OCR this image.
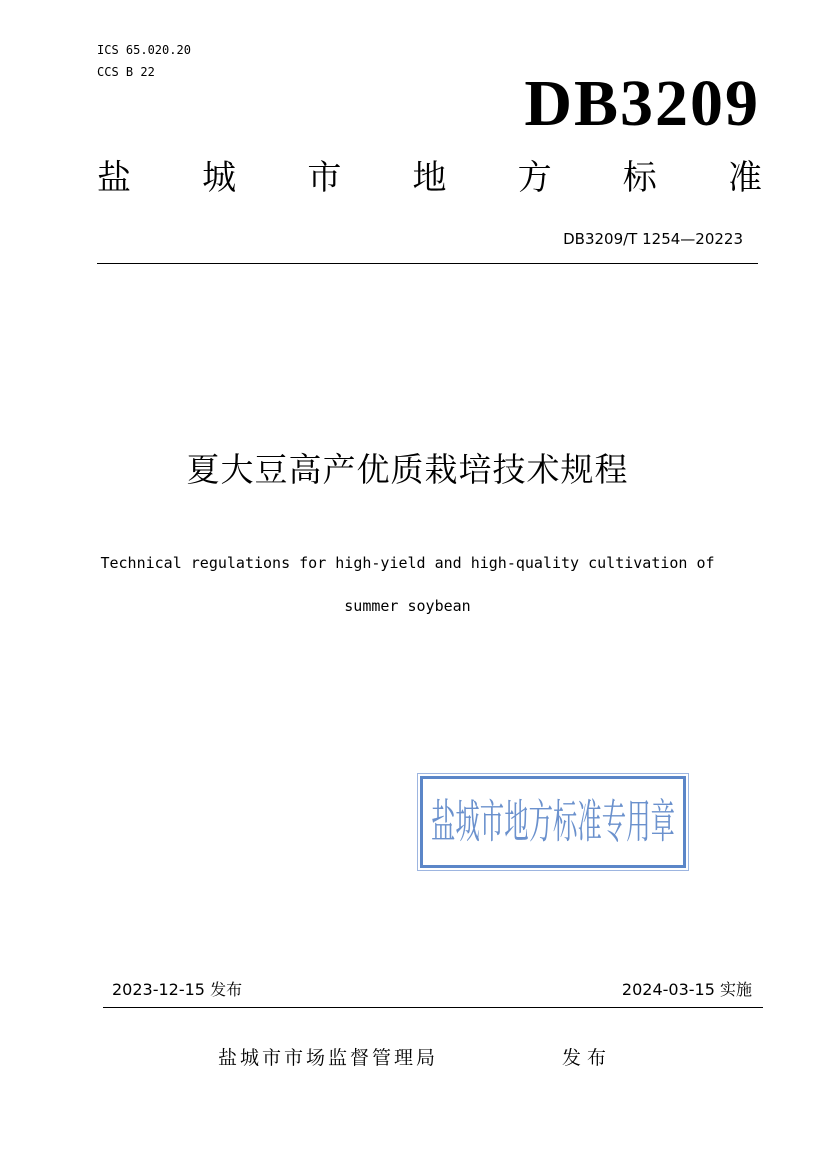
ICS 65.020.20
CCS B 22	DB3209
盐 城 市 地 方 标 准
DB3209/T 1254—20223
夏大豆高产优质栽培技术规程
Technical regulations for high-yield and high-quality cultivation of
summer soybean
盐城市地方标准专用章
2023-12-15 发布	2024-03-15 实施
盐城市市场监督管理局	发布
